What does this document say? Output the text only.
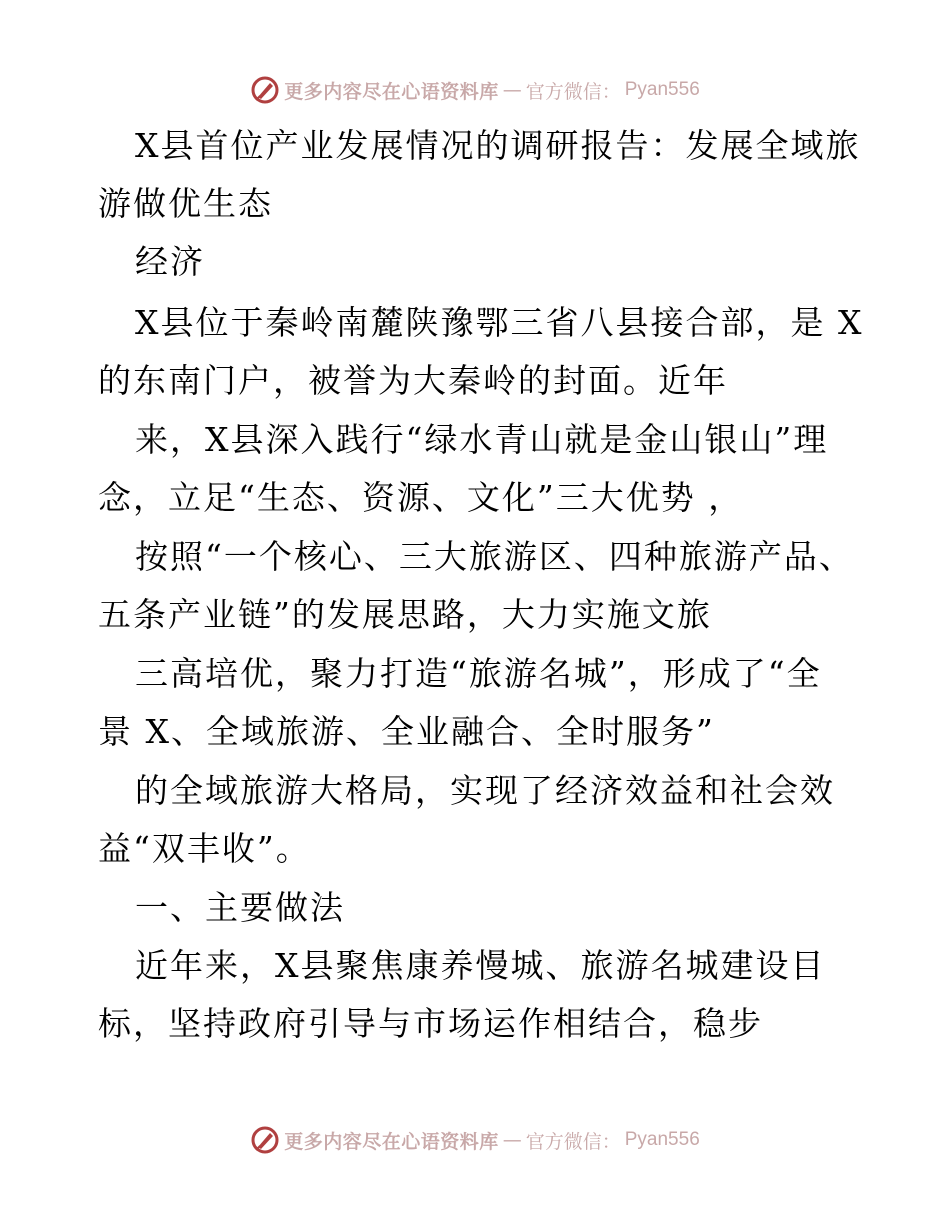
更多内容尽在心语资料库 — 官方微信： Pyan556
X县首位产业发展情况的调研报告：发展全域旅
游做优生态
经济
X县位于秦岭南麓陕豫鄂三省八县接合部，是 X
的东南门户，被誉为大秦岭的封面。近年
来，X县深入践行“绿水青山就是金山银山”理
念，立足“生态、资源、文化”三大优势 ，
按照“一个核心、三大旅游区、四种旅游产品、
五条产业链”的发展思路，大力实施文旅
三高培优，聚力打造“旅游名城”，形成了“全
景 X、全域旅游、全业融合、全时服务”
的全域旅游大格局，实现了经济效益和社会效
益“双丰收”。
一、主要做法
近年来，X县聚焦康养慢城、旅游名城建设目
标，坚持政府引导与市场运作相结合，稳步
更多内容尽在心语资料库 — 官方微信： Pyan556
